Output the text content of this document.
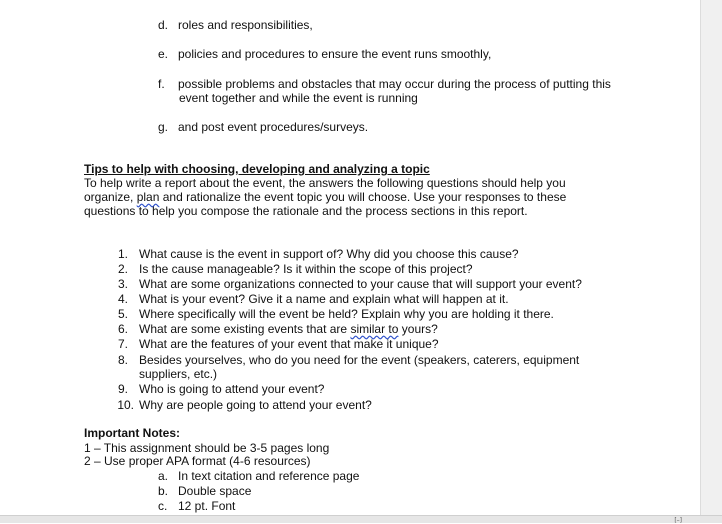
d. roles and responsibilities,
e. policies and procedures to ensure the event runs smoothly,
f. possible problems and obstacles that may occur during the process of putting this
event together and while the event is running
g. and post event procedures/surveys.
Tips to help with choosing, developing and analyzing a topic
To help write a report about the event, the answers the following questions should help you
organize, plan and rationalize the event topic you will choose. Use your responses to these
questions to help you compose the rationale and the process sections in this report.
1. What cause is the event in support of? Why did you choose this cause?
2. Is the cause manageable? Is it within the scope of this project?
3. What are some organizations connected to your cause that will support your event?
4. What is your event? Give it a name and explain what will happen at it.
5. Where specifically will the event be held? Explain why you are holding it there.
6. What are some existing events that are similar to yours?
7. What are the features of your event that make it unique?
8. Besides yourselves, who do you need for the event (speakers, caterers, equipment
suppliers, etc.)
9. Who is going to attend your event?
10. Why are people going to attend your event?
Important Notes:
1 – This assignment should be 3-5 pages long
2 – Use proper APA format (4-6 resources)
a. In text citation and reference page
b. Double space
c. 12 pt. Font
[–]
